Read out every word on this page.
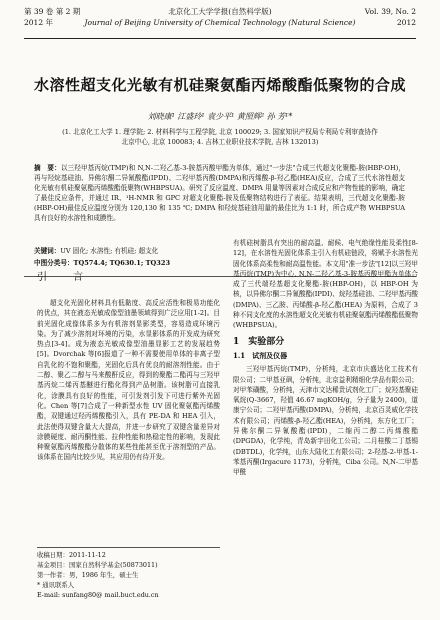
第 39 卷 第 2 期
2012 年
北京化工大学学报(自然科学版)
Journal of Beijing University of Chemical Technology (Natural Science)
Vol. 39, No. 2
2012
水溶性超支化光敏有机硅聚氨酯丙烯酸酯低聚物的合成
刘晓康¹ 江盛玲¹ 袁少平¹ 黄照辉² 孙 芳¹*
(1. 北京化工大学 1. 理学院; 2. 材料科学与工程学院, 北京 100029; 3. 国家知识产权局专利局专利审查协作
北京中心, 北京 100083; 4. 吉林工业职业技术学院, 吉林 132013)
摘　要：以三羟甲基丙烷(TMP)和 N,N-二羟乙基-3-胺基丙酸甲酯为单体，通过"一步法"合成三代超支化聚酯-胺(HBP-OH)，再与羟烷基硅油、异佛尔酮二异氰酸酯(IPDI)、二羟甲基丙酸(DMPA)和丙烯酸-β-羟乙酯(HEA)反应，合成了三代水溶性超支化光敏有机硅聚氨酯丙烯酸酯低聚物(WHBPSUA)。研究了反应温度、DMPA 用量等因素对合成反应和产物性能的影响，确定了最佳反应条件，并通过 IR、¹H-NMR 和 GPC 对超支化聚酯-胺及低聚物结构进行了表征。结果表明，三代超支化聚酯-胺(HBP-OH)最佳反应温度分别为 120,130 和 135 ℃; DMPA 和羟烷基硅油用量的最佳比为 1:1 时，所合成产物 WHBPSUA 具有良好的水溶性和成膜性。
关键词：UV 固化; 水溶性; 有机硅; 超支化
中图分类号：TQ574.4; TQ630.1; TQ323
引　言

超支化光固化材料具有低黏度、高反应活性和极易功能化的优点，其在液态光敏成像型油墨领域得到广泛应用[1-2]。目前光固化成像体系多为有机溶剂显影类型，容易造成环境污染。为了减少溶剂对环境的污染，水显影体系的开发成为研究热点[3-4]。成为液态光敏成像型油墨显影工艺的发展趋势[5]。Dvorchak 等[6]报道了一种不需要使用单体的非离子型自乳化的不饱和聚酯，光固化后具有优良的耐溶剂性能。由于二醇、聚乙二醇与马来酸酐反应，得到的聚酯二酯再与三羟甲基丙烷二烯丙基醚进行酯化得到产品树脂。该树脂可直接乳化，涂膜具有良好的性能，可引发剂引发下可进行紫外光固化。Chen 等[7]合成了一种新型水性 UV 固化聚氨酯丙烯酸酯，双键通过羟丙烯酸酯引入，具有 PE-DA 和 HEA 引入，此法使得双键含量大大提高，并进一步研究了双键含量差异对涂膜硬度、耐丙酮性能、拉伸性能和热稳定性的影响，发现此种聚氨酯丙烯酸酯分散体的某些性能甚至优于溶剂型的产品。该体系在国内比较少见，其应用仍有待开发。

有机硅树脂具有突出的耐高温、耐候、电气绝缘性能及柔性[8-12]，在水溶性光固化体系主引入有机硅链段，将赋予水溶性光固化体系高柔性和耐高温性能。本文用"准一步法"[12]以三羟甲基丙烷(TMP)为中心, N,N-二羟乙基-3-胺基丙酸甲酯为单体合成了三代端羟基超支化聚酯-胺(HBP-OH)，以 HBP-OH 为核，以异佛尔酮二异氰酸酯(IPDI)、烷羟基硅油、二羟甲基丙酸(DMPA)、三乙胺、丙烯酸-β-羟乙酯(HEA) 为原料，合成了 3 种不同支化度的水溶性超支化光敏有机硅聚氨酯丙烯酸酯低聚物(WHBPSUA)。

1　实验部分
1.1　试剂及仪器

三羟甲基丙烷(TMP)，分析纯，北京市庆盛达化工技术有限公司；二甲基亚砜，分析纯，北京益利精细化学品有限公司；对甲苯磺酸，分析纯，天津市文达稀贵试剂化工厂；烷羟基聚硅氧烷(Q-3667，羟值 46.67 mgKOH/g，分子量为 2400)，道康宁公司；二羟甲基丙酸(DMPA)，分析纯，北京百灵威化学技术有限公司；丙烯酸-β-羟乙酯(HEA)，分析纯，东方化工厂；异佛尔酮二异氰酸酯(IPDI)，二缩丙二醇二丙烯酸酯(DPGDA)，化学纯，青岛新宇田化工公司；二月桂酸二丁基锡(DBTDL)，化学纯，山东大陆化工有限公司；2-羟基-2-甲基-1-苯基丙酮(Irgacure 1173)，分析纯，Ciba 公司。N,N-二甲基甲酰

收稿日期：2011-11-12
基金项目：国家自然科学基金(50873011)
第一作者：男，1986 年生，硕士生
* 通讯联系人
E-mail: sunfang80@ mail.buct.edu.cn
